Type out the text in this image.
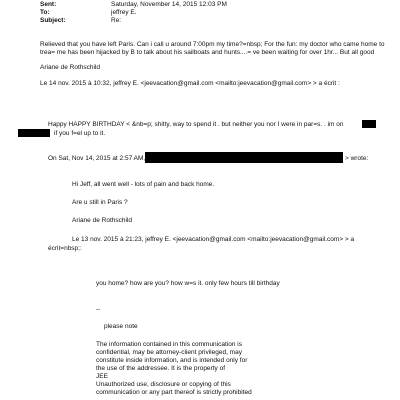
Sent:	Saturday, November 14, 2015 12:03 PM
To:	jeffrey E.
Subject:	Re:
Relieved that you have left Paris. Can i call u around 7:00pm my time?=nbsp; For the fun: my doctor who came home to
trea= me has been hijacked by B to talk about his sailboats and hunts....= ve been waiting for over 1hr... But all good
Ariane de Rothschild
Le 14 nov. 2015 à 10:32, jeffrey E. <jeevacation@gmail.com <mailto:jeevacation@gmail.com> > a écrit :
Happy HAPPY BIRTHDAY < &nb=p; shitty, way to spend it . but neither you nor I were in par=s. . im on
if you f=el up to it.
On Sat, Nov 14, 2015 at 2:57 AM,	> wrote:
Hi Jeff, all went well - lots of pain and back home.
Are u still in Paris ?
Ariane de Rothschild
Le 13 nov. 2015 à 21:23, jeffrey E. <jeevacation@gmail.com <mailto:jeevacation@gmail.com> > a
écrit=nbsp;:
you home? how are you? how w=s it. only few hours till birthday
--
please note
The information contained in this communication is
confidential, may be attorney-client privileged, may
constitute inside information, and is intended only for
the use of the addressee. It is the property of
JEE
Unauthorized use, disclosure or copying of this
communication or any part thereof is strictly prohibited
